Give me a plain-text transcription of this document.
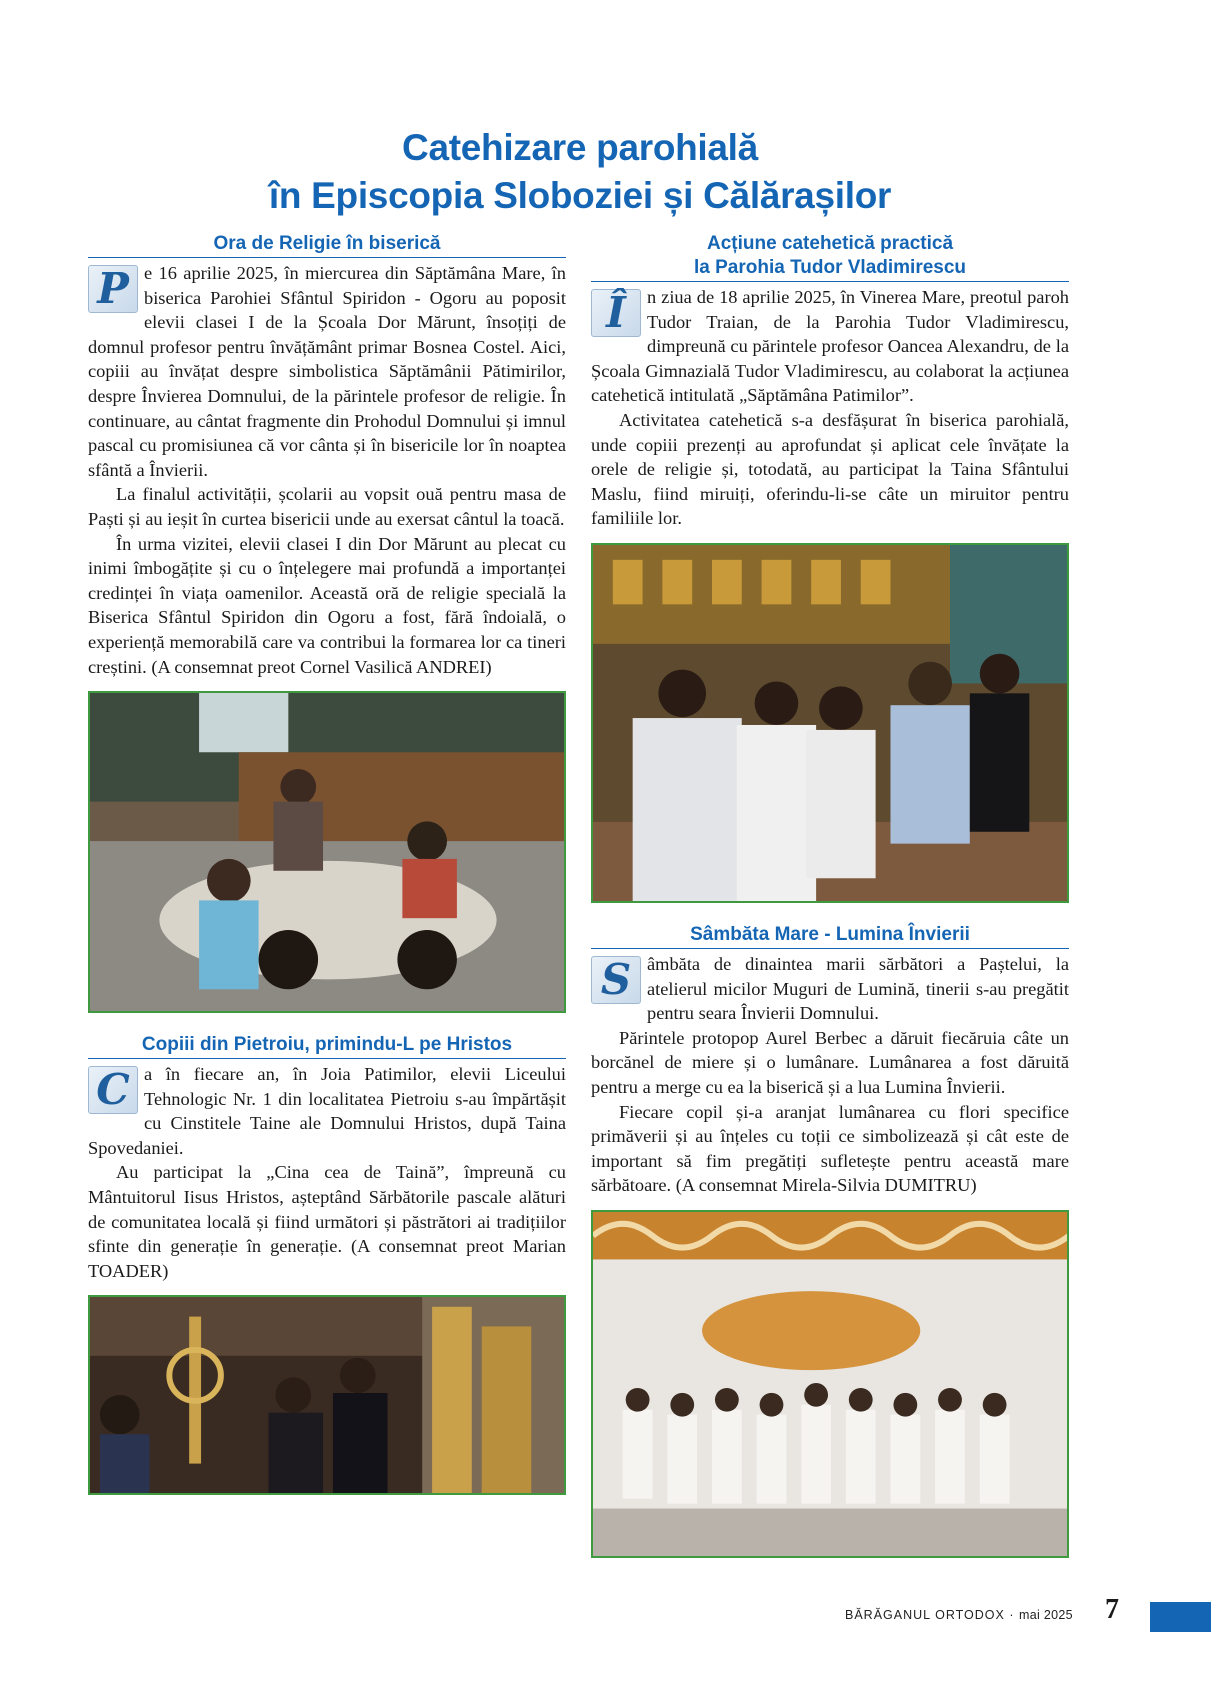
Catehizare parohială
în Episcopia Sloboziei și Călărașilor
Ora de Religie în biserică
P e 16 aprilie 2025, în miercurea din Săptămâna Mare, în biserica Parohiei Sfântul Spiridon - Ogoru au poposit elevii clasei I de la Școala Dor Mărunt, însoțiți de domnul profesor pentru învățământ primar Bosnea Costel. Aici, copiii au învățat despre simbolistica Săptămânii Pătimirilor, despre Învierea Domnului, de la părintele profesor de religie. În continuare, au cântat fragmente din Prohodul Domnului și imnul pascal cu promisiunea că vor cânta și în bisericile lor în noaptea sfântă a Învierii.

La finalul activității, școlarii au vopsit ouă pentru masa de Paști și au ieșit în curtea bisericii unde au exersat cântul la toacă.

În urma vizitei, elevii clasei I din Dor Mărunt au plecat cu inimi îmbogățite și cu o înțelegere mai profundă a importanței credinței în viața oamenilor. Această oră de religie specială la Biserica Sfântul Spiridon din Ogoru a fost, fără îndoială, o experiență memorabilă care va contribui la formarea lor ca tineri creștini. (A consemnat preot Cornel Vasilică ANDREI)

Copiii din Pietroiu, primindu-L pe Hristos
C a în fiecare an, în Joia Patimilor, elevii Liceului Tehnologic Nr. 1 din localitatea Pietroiu s-au împărtășit cu Cinstitele Taine ale Domnului Hristos, după Taina Spovedaniei.

Au participat la „Cina cea de Taină”, împreună cu Mântuitorul Iisus Hristos, așteptând Sărbătorile pascale alături de comunitatea locală și fiind următori și păstrători ai tradițiilor sfinte din generație în generație. (A consemnat preot Marian TOADER)

Acțiune catehetică practică
la Parohia Tudor Vladimirescu
Î	n ziua de 18 aprilie 2025, în Vinerea Mare, preotul paroh Tudor Traian, de la Parohia Tudor Vladimirescu, dimpreună cu părintele profesor Oancea Alexandru, de la Școala Gimnazială Tudor Vladimirescu, au colaborat la acțiunea catehetică intitulată „Săptămâna Patimilor”.

Activitatea catehetică s-a desfășurat în biserica parohială, unde copiii prezenți au aprofundat și aplicat cele învățate la orele de religie și, totodată, au participat la Taina Sfântului Maslu, fiind miruiți, oferindu-li-se câte un miruitor pentru familiile lor.

Sâmbăta Mare - Lumina Învierii
S âmbăta de dinaintea marii sărbători a Paștelui, la atelierul micilor Muguri de Lumină, tinerii s-au pregătit pentru seara Învierii Domnului.

Părintele protopop Aurel Berbec a dăruit fiecăruia câte un borcănel de miere și o lumânare. Lumânarea a fost dăruită pentru a merge cu ea la biserică și a lua Lumina Învierii.

Fiecare copil și-a aranjat lumânarea cu flori specifice primăverii și au înțeles cu toții ce simbolizează și cât este de important să fim pregătiți sufletește pentru această mare sărbătoare. (A consemnat Mirela-Silvia DUMITRU)

BĂRĂGANUL ORTODOX · mai 2025 7
